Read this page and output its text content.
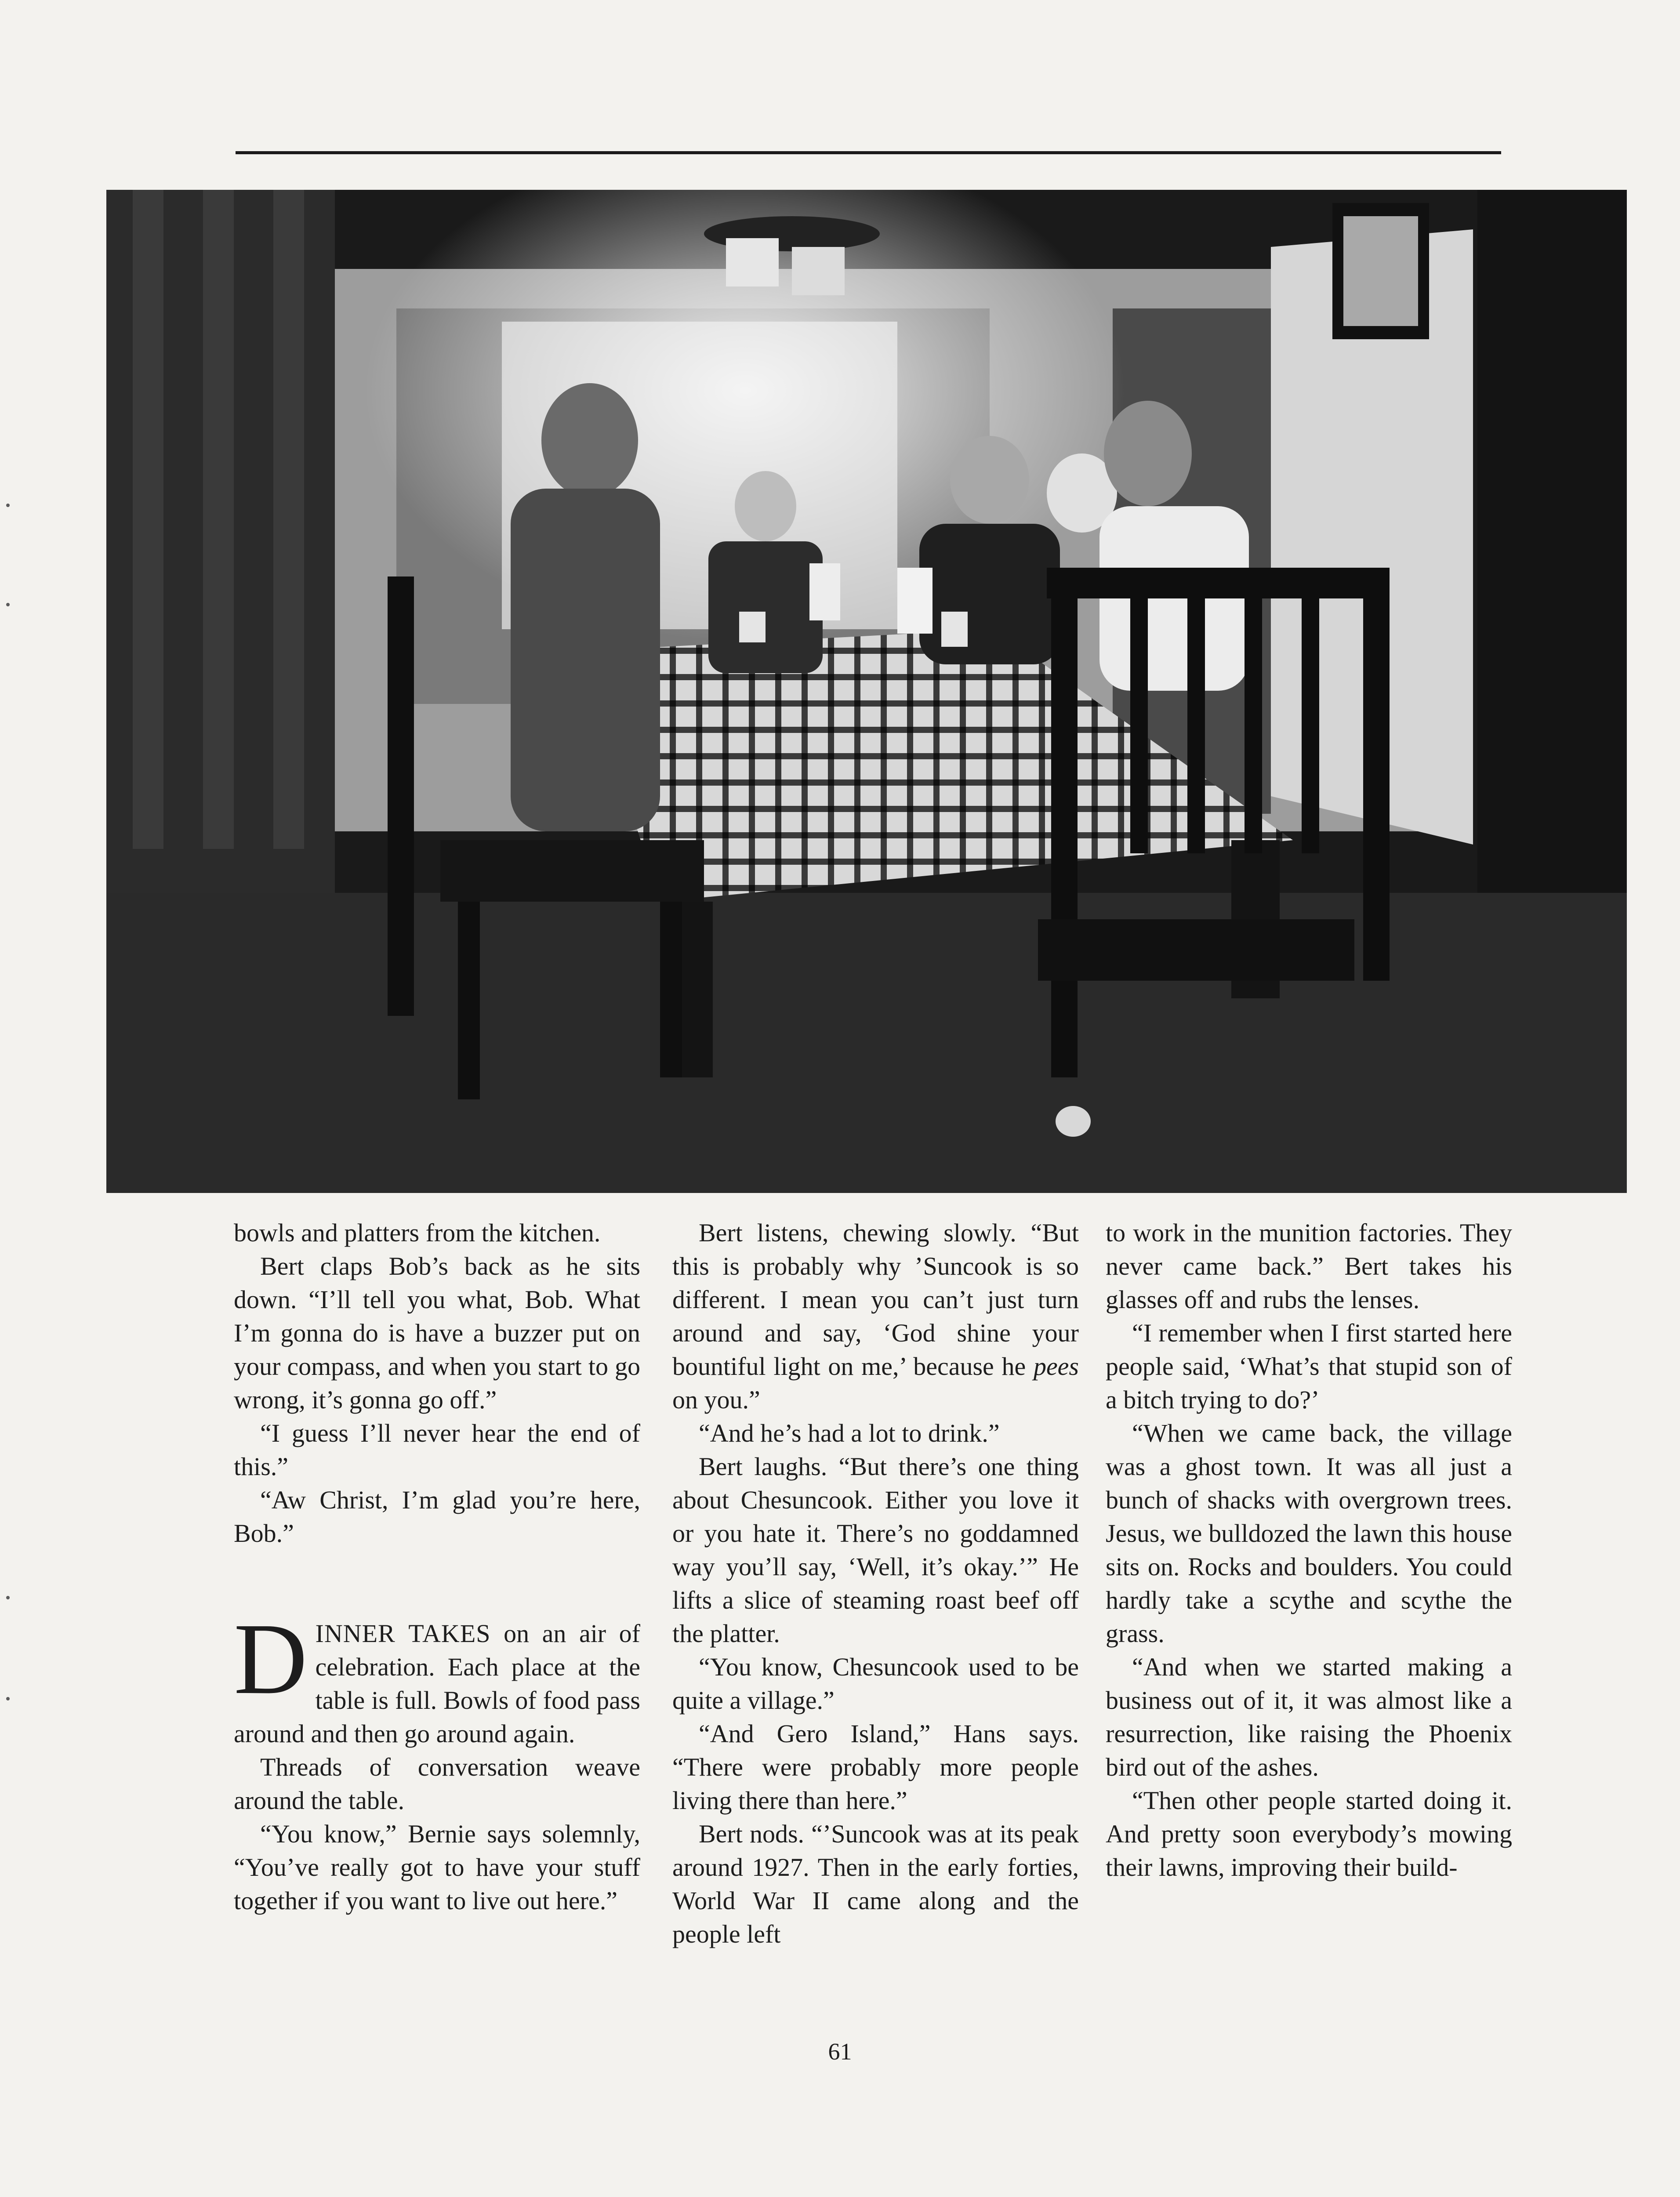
bowls and platters from the kitchen.

Bert claps Bob’s back as he sits down. “I’ll tell you what, Bob. What I’m gonna do is have a buzzer put on your compass, and when you start to go wrong, it’s gonna go off.”

“I guess I’ll never hear the end of this.”

“Aw Christ, I’m glad you’re here, Bob.”

DINNER TAKES on an air of celebration. Each place at the table is full. Bowls of food pass around and then go around again.

Threads of conversation weave around the table.

“You know,” Bernie says solemnly, “You’ve really got to have your stuff together if you want to live out here.”

Bert listens, chewing slowly. “But this is probably why ’Suncook is so different. I mean you can’t just turn around and say, ‘God shine your bountiful light on me,’ because he pees on you.”

“And he’s had a lot to drink.”

Bert laughs. “But there’s one thing about Chesuncook. Either you love it or you hate it. There’s no goddamned way you’ll say, ‘Well, it’s okay.’” He lifts a slice of steaming roast beef off the platter.

“You know, Chesuncook used to be quite a village.”

“And Gero Island,” Hans says. “There were probably more people living there than here.”

Bert nods. “’Suncook was at its peak around 1927. Then in the early forties, World War II came along and the people left

to work in the munition factories. They never came back.” Bert takes his glasses off and rubs the lenses.

“I remember when I first started here people said, ‘What’s that stupid son of a bitch trying to do?’

“When we came back, the village was a ghost town. It was all just a bunch of shacks with overgrown trees. Jesus, we bulldozed the lawn this house sits on. Rocks and boulders. You could hardly take a scythe and scythe the grass.

“And when we started making a business out of it, it was almost like a resurrection, like raising the Phoenix bird out of the ashes.

“Then other people started doing it. And pretty soon everybody’s mowing their lawns, improving their build-

61
